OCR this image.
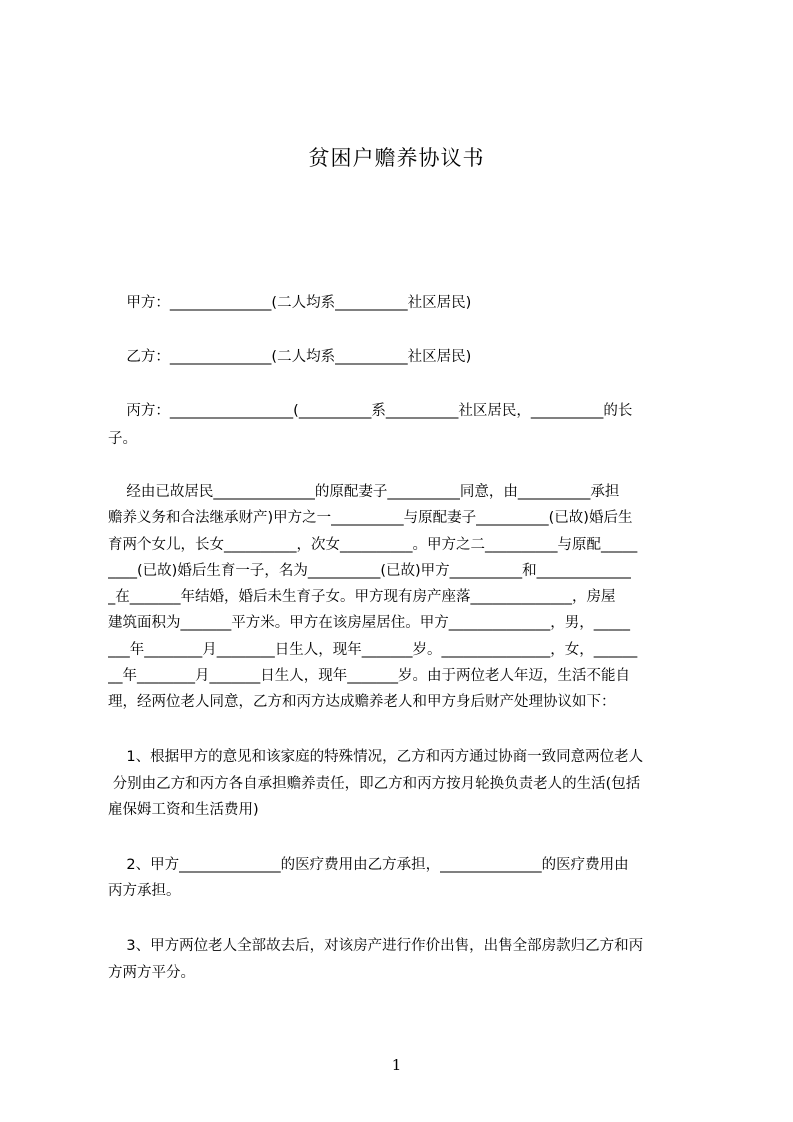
贫困户赡养协议书
甲方：______________(二人均系__________社区居民)
乙方：______________(二人均系__________社区居民)
丙方：_________________(__________系__________社区居民，__________的长
子。
经由已故居民______________的原配妻子__________同意，由__________承担
赡养义务和合法继承财产)甲方之一__________与原配妻子__________(已故)婚后生
育两个女儿，长女__________，次女__________。甲方之二__________与原配_____
____(已故)婚后生育一子，名为__________(已故)甲方__________和_____________
_在_______年结婚，婚后未生育子女。甲方现有房产座落______________，房屋
建筑面积为_______平方米。甲方在该房屋居住。甲方______________，男，_____
___年________月________日生人，现年_______岁。_______________，女，______
__年________月_______日生人，现年_______岁。由于两位老人年迈，生活不能自
理，经两位老人同意，乙方和丙方达成赡养老人和甲方身后财产处理协议如下：
1、根据甲方的意见和该家庭的特殊情况，乙方和丙方通过协商一致同意两位老人
分别由乙方和丙方各自承担赡养责任，即乙方和丙方按月轮换负责老人的生活(包括
雇保姆工资和生活费用)
2、甲方______________的医疗费用由乙方承担，______________的医疗费用由
丙方承担。
3、甲方两位老人全部故去后，对该房产进行作价出售，出售全部房款归乙方和丙
方两方平分。
1
